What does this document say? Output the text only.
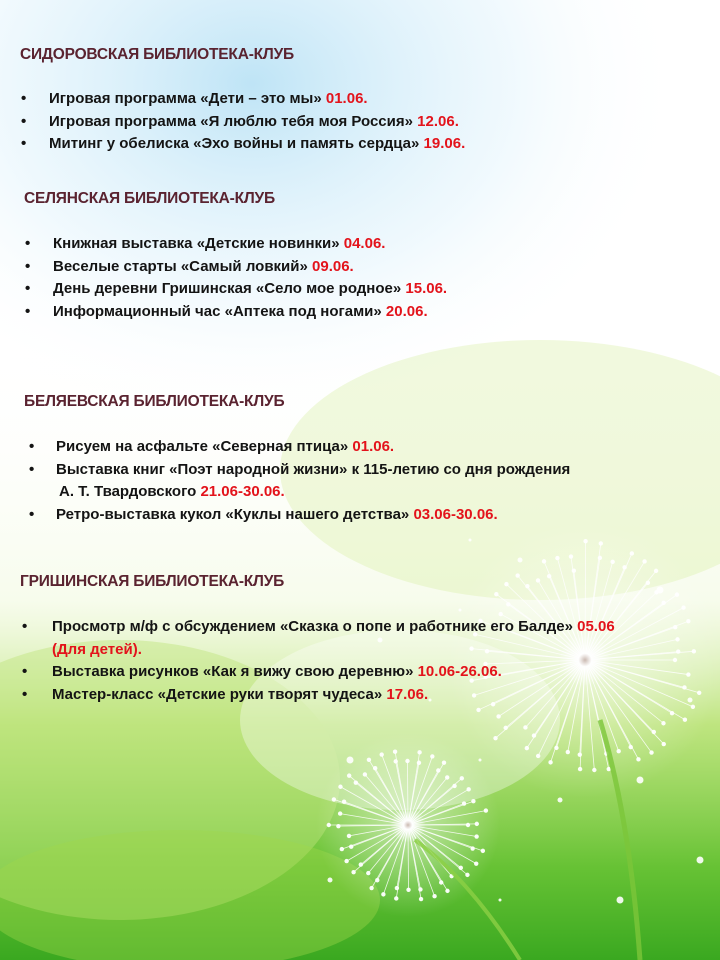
СИДОРОВСКАЯ БИБЛИОТЕКА-КЛУБ
• Игровая программа «Дети – это мы» 01.06.
• Игровая программа «Я люблю тебя моя Россия» 12.06.
• Митинг у обелиска «Эхо войны и память сердца» 19.06.
СЕЛЯНСКАЯ БИБЛИОТЕКА-КЛУБ
• Книжная выставка «Детские новинки» 04.06.
• Веселые старты «Самый ловкий» 09.06.
• День деревни Гришинская «Село мое родное» 15.06.
• Информационный час «Аптека под ногами» 20.06.
БЕЛЯЕВСКАЯ БИБЛИОТЕКА-КЛУБ
• Рисуем на асфальте «Северная птица» 01.06.
• Выставка книг «Поэт народной жизни» к 115-летию со дня рождения
А. Т. Твардовского 21.06-30.06.
• Ретро-выставка кукол «Куклы нашего детства» 03.06-30.06.
ГРИШИНСКАЯ БИБЛИОТЕКА-КЛУБ
• Просмотр м/ф с обсуждением «Сказка о попе и работнике его Балде» 05.06
(Для детей).
• Выставка рисунков «Как я вижу свою деревню» 10.06-26.06.
• Мастер-класс «Детские руки творят чудеса» 17.06.
